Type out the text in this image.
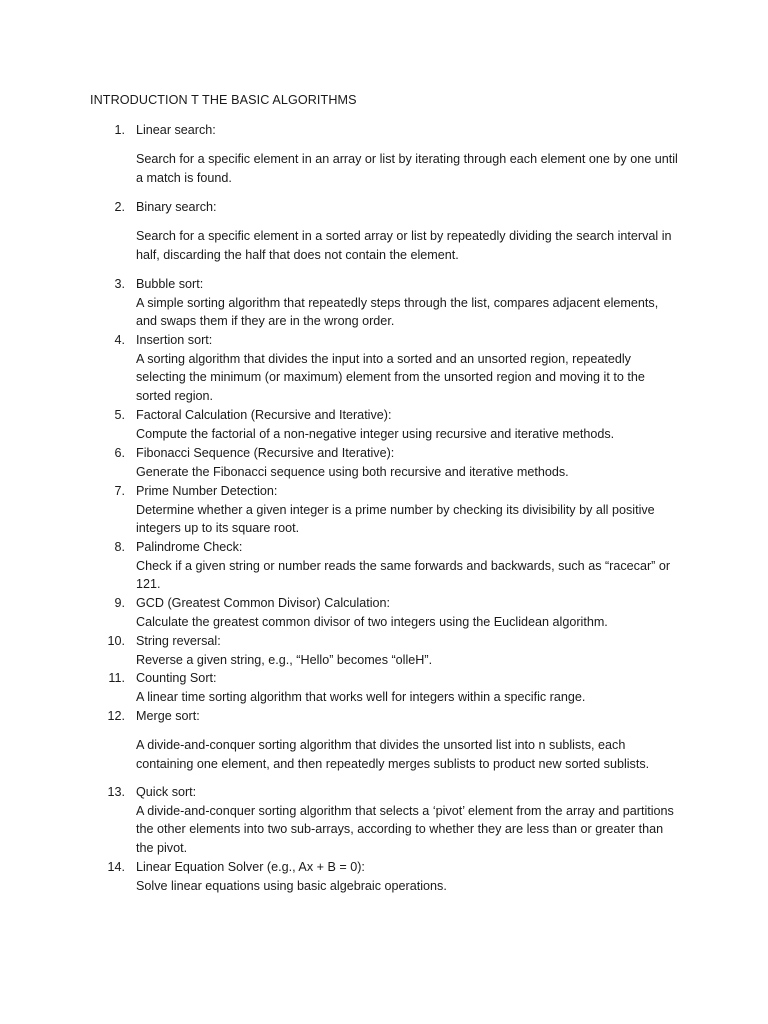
INTRODUCTION T THE BASIC ALGORITHMS
1. Linear search:
Search for a specific element in an array or list by iterating through each element one by one until a match is found.
2. Binary search:
Search for a specific element in a sorted array or list by repeatedly dividing the search interval in half, discarding the half that does not contain the element.
3. Bubble sort:
A simple sorting algorithm that repeatedly steps through the list, compares adjacent elements, and swaps them if they are in the wrong order.
4. Insertion sort:
A sorting algorithm that divides the input into a sorted and an unsorted region, repeatedly selecting the minimum (or maximum) element from the unsorted region and moving it to the sorted region.
5. Factoral Calculation (Recursive and Iterative):
Compute the factorial of a non-negative integer using recursive and iterative methods.
6. Fibonacci Sequence (Recursive and Iterative):
Generate the Fibonacci sequence using both recursive and iterative methods.
7. Prime Number Detection:
Determine whether a given integer is a prime number by checking its divisibility by all positive integers up to its square root.
8. Palindrome Check:
Check if a given string or number reads the same forwards and backwards, such as “racecar” or 121.
9. GCD (Greatest Common Divisor) Calculation:
Calculate the greatest common divisor of two integers using the Euclidean algorithm.
10. String reversal:
Reverse a given string, e.g., “Hello” becomes “olleH”.
11. Counting Sort:
A linear time sorting algorithm that works well for integers within a specific range.
12. Merge sort:
A divide-and-conquer sorting algorithm that divides the unsorted list into n sublists, each containing one element, and then repeatedly merges sublists to product new sorted sublists.
13. Quick sort:
A divide-and-conquer sorting algorithm that selects a ‘pivot’ element from the array and partitions the other elements into two sub-arrays, according to whether they are less than or greater than the pivot.
14. Linear Equation Solver (e.g., Ax + B = 0):
Solve linear equations using basic algebraic operations.
